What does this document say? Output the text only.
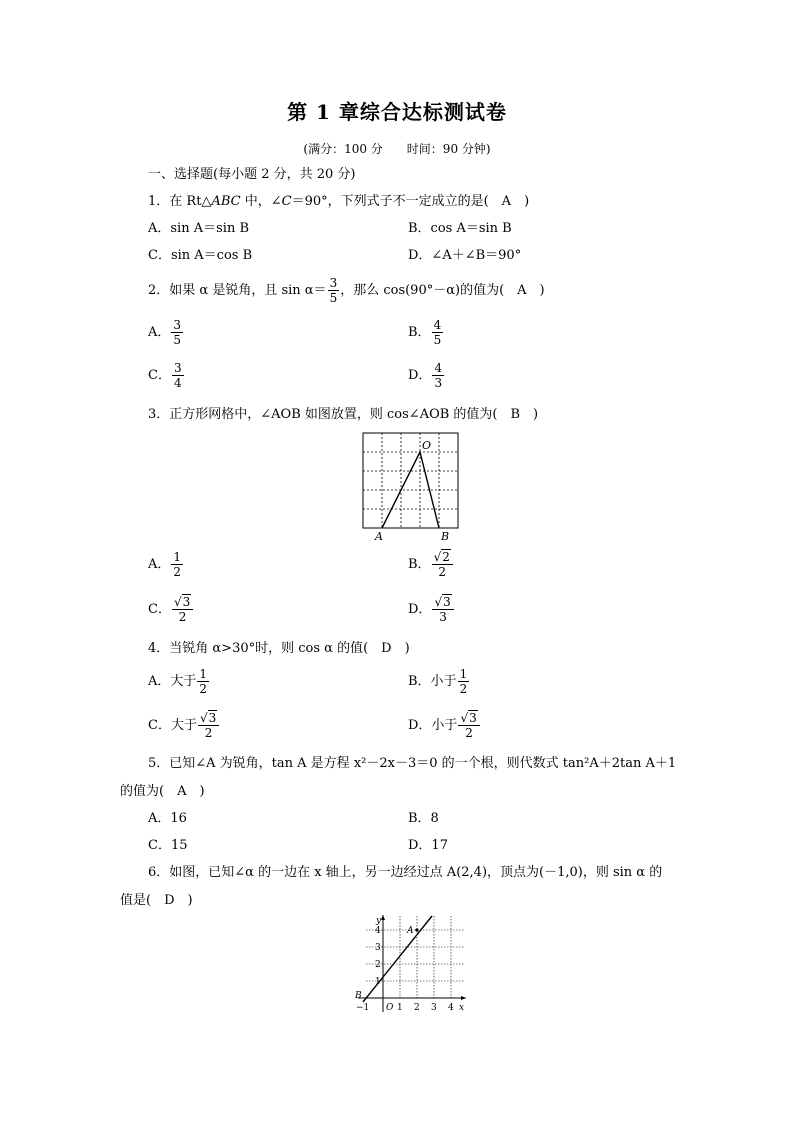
第 1 章综合达标测试卷
(满分：100 分　　时间：90 分钟)
一、选择题(每小题 2 分，共 20 分)
1．在 Rt△ABC 中，∠C＝90°，下列式子不一定成立的是(　A　)
A．sin A＝sin B	B．cos A＝sin B
C．sin A＝cos B	D．∠A＋∠B＝90°
2．如果 α 是锐角，且 $\sin \alpha= \frac{3}{5}$ ，那么 cos(90°－α)的值为(　A　)
A． $\frac{3}{5}$	B． $\frac{4}{5}$
C． $\frac{3}{4}$	D． $\frac{4}{3}$
3．正方形网格中，∠AOB 如图放置，则 cos∠AOB 的值为(　B　)
O
A	B
A． $\frac{1}{2}$	B． $\frac{√2}{2}$
C． $\frac{√3}{2}$	D． $\frac{√3}{3}$
4．当锐角 α>30°时，则 cos α 的值(　D　)
A．大于 $\frac{1}{2}$	B．小于 $\frac{1}{2}$
C．大于 $\frac{√3}{2}$	D．小于 $\frac{√3}{2}$
5．已知∠A 为锐角，tan A 是方程 x²－2x－3＝0 的一个根，则代数式 tan²A＋2tan A＋1
的值为(　A　)
A．16	B．8
C．15	D．17
6．如图，已知∠α 的一边在 x 轴上，另一边经过点 A(2,4)，顶点为(－1,0)，则 sin α 的
值是(　D　)
y
x
A
B
O
−1	1 2 3 4
1
2
3
4
